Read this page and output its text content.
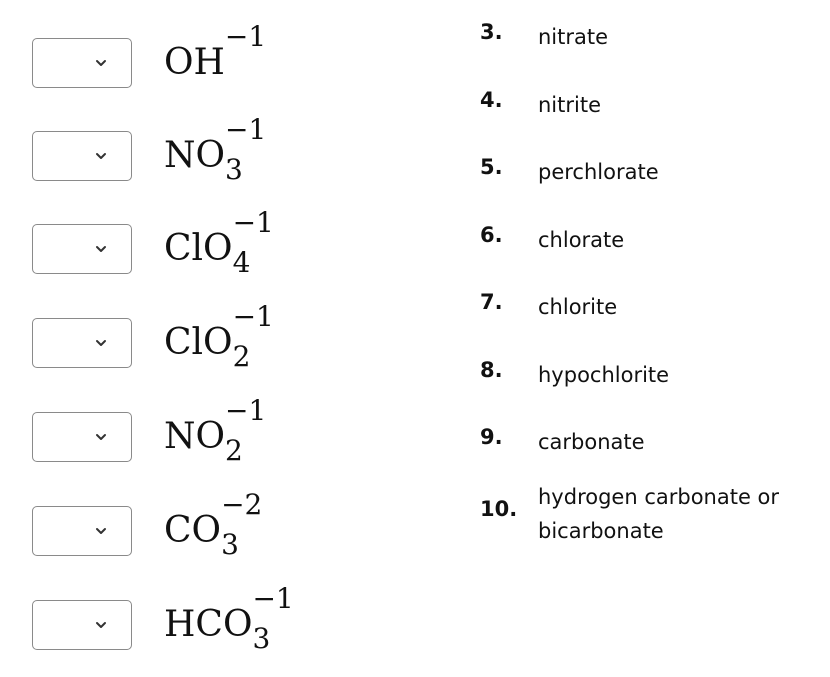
OH
−1
NO
−1
3
ClO
−1
4
ClO
−1
2
NO
−1
2
CO
−2
3
HCO
−1
3
3. nitrate
4. nitrite
5. perchlorate
6. chlorate
7. chlorite
8. hypochlorite
9. carbonate
10. hydrogen carbonate or bicarbonate
